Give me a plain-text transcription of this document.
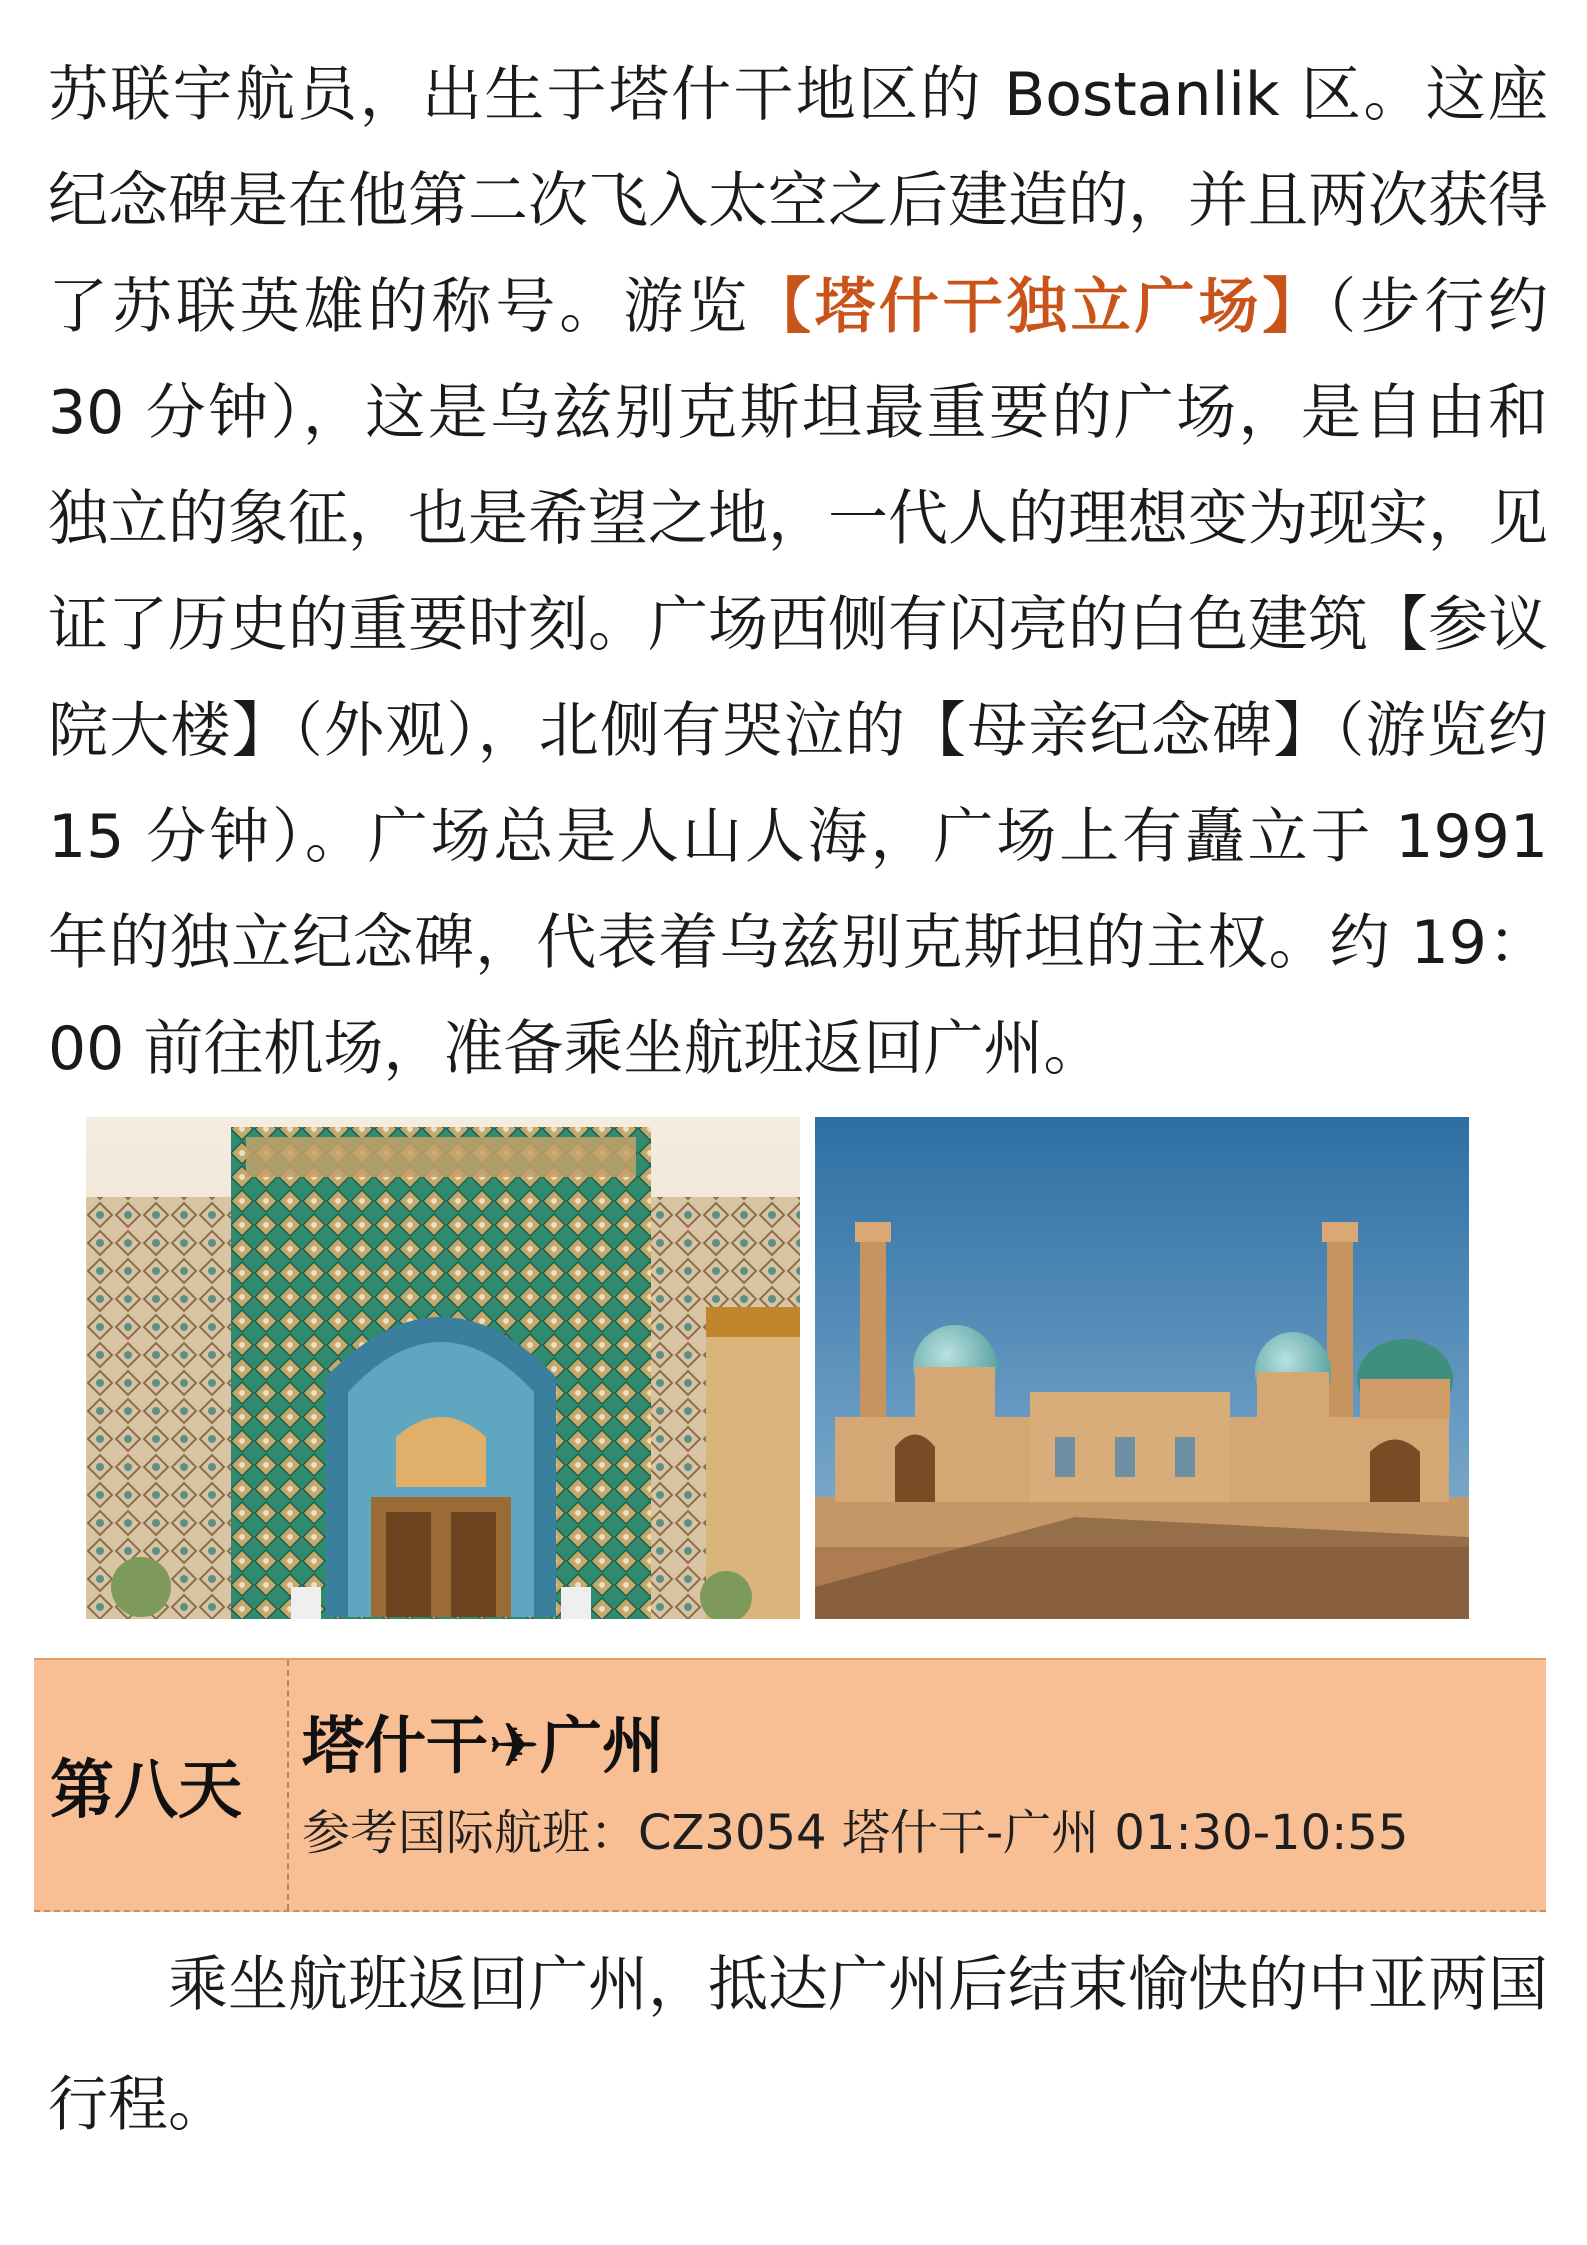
苏联宇航员，出生于塔什干地区的 Bostanlik 区。这座纪念碑是在他第二次飞入太空之后建造的，并且两次获得了苏联英雄的称号。游览【塔什干独立广场】（步行约 30 分钟），这是乌兹别克斯坦最重要的广场，是自由和独立的象征，也是希望之地，一代人的理想变为现实，见证了历史的重要时刻。广场西侧有闪亮的白色建筑【参议院大楼】（外观），北侧有哭泣的【母亲纪念碑】（游览约 15 分钟）。广场总是人山人海，广场上有矗立于 1991 年的独立纪念碑，代表着乌兹别克斯坦的主权。约 19：00 前往机场，准备乘坐航班返回广州。

第八天
塔什干✈广州
参考国际航班：CZ3054 塔什干-广州 01:30-10:55

乘坐航班返回广州，抵达广州后结束愉快的中亚两国行程。
